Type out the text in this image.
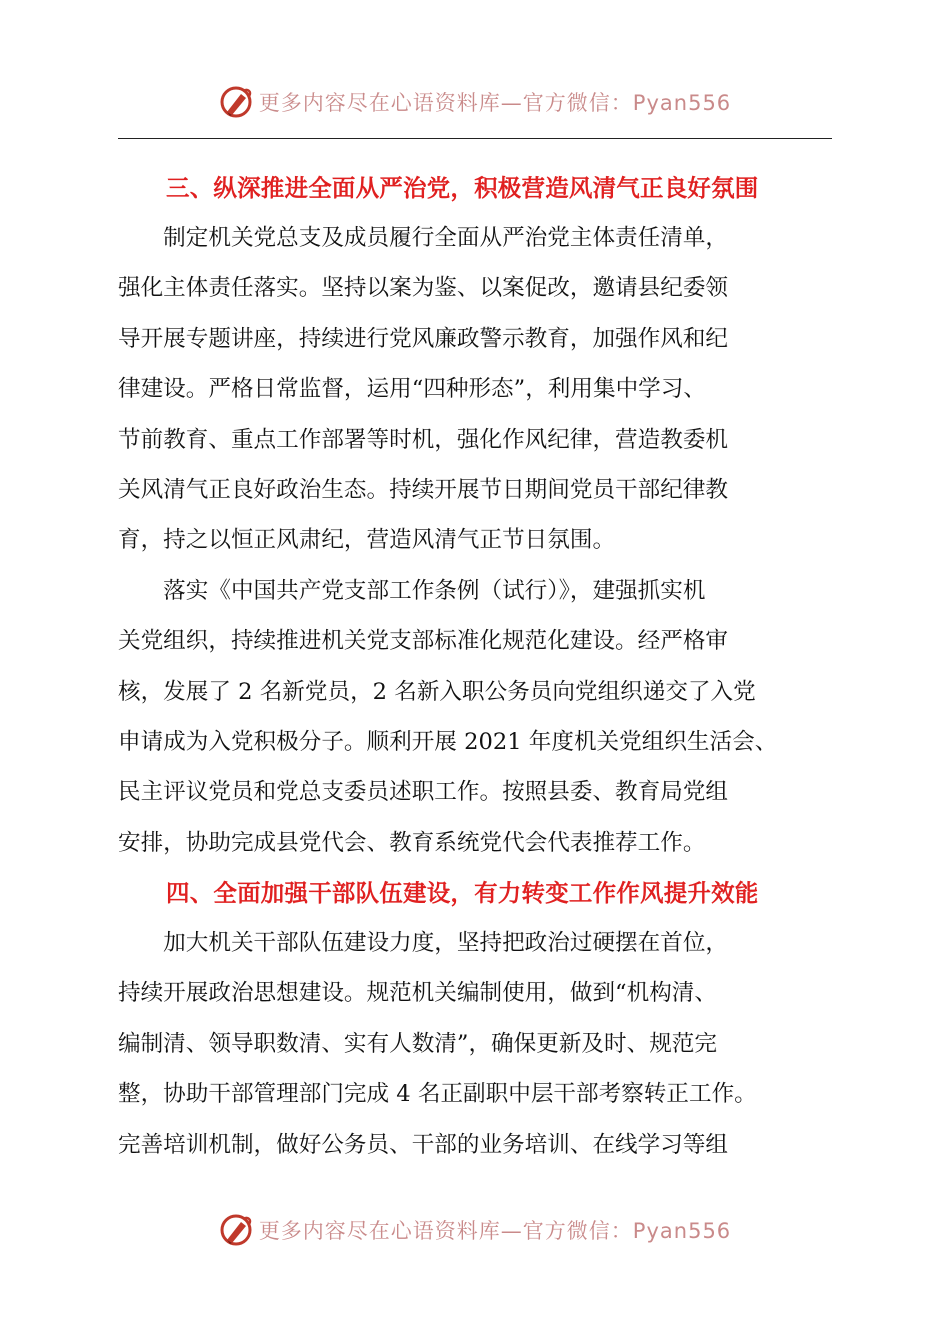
更多内容尽在心语资料库—官方微信：Pyan556
三、纵深推进全面从严治党，积极营造风清气正良好氛围
　　制定机关党总支及成员履行全面从严治党主体责任清单，
强化主体责任落实。坚持以案为鉴、以案促改，邀请县纪委领
导开展专题讲座，持续进行党风廉政警示教育，加强作风和纪
律建设。严格日常监督，运用“四种形态”，利用集中学习、
节前教育、重点工作部署等时机，强化作风纪律，营造教委机
关风清气正良好政治生态。持续开展节日期间党员干部纪律教
育，持之以恒正风肃纪，营造风清气正节日氛围。
　　落实《中国共产党支部工作条例（试行）》，建强抓实机
关党组织，持续推进机关党支部标准化规范化建设。经严格审
核，发展了 2 名新党员，2 名新入职公务员向党组织递交了入党
申请成为入党积极分子。顺利开展 2021 年度机关党组织生活会、
民主评议党员和党总支委员述职工作。按照县委、教育局党组
安排，协助完成县党代会、教育系统党代会代表推荐工作。
四、全面加强干部队伍建设，有力转变工作作风提升效能
　　加大机关干部队伍建设力度，坚持把政治过硬摆在首位，
持续开展政治思想建设。规范机关编制使用，做到“机构清、
编制清、领导职数清、实有人数清”，确保更新及时、规范完
整，协助干部管理部门完成 4 名正副职中层干部考察转正工作。
完善培训机制，做好公务员、干部的业务培训、在线学习等组
更多内容尽在心语资料库—官方微信：Pyan556
